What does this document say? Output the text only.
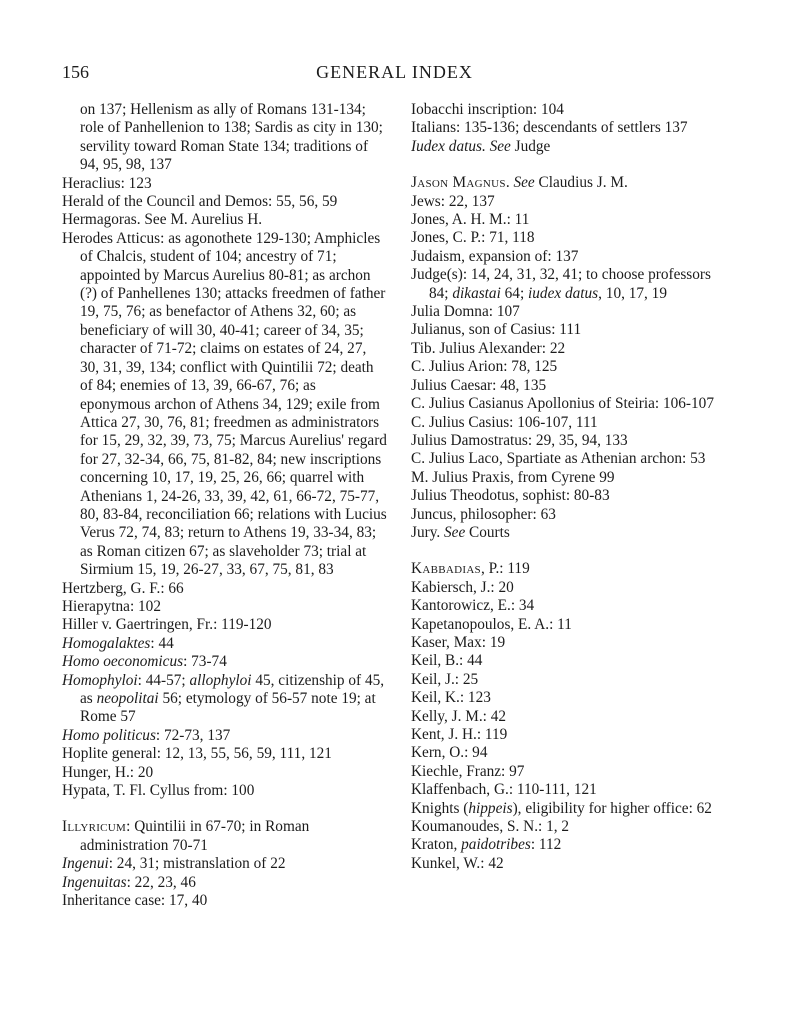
156	GENERAL INDEX

on 137; Hellenism as ally of Romans 131-134; role of Panhellenion to 138; Sardis as city in 130; servility toward Roman State 134; traditions of 94, 95, 98, 137

Heraclius: 123

Herald of the Council and Demos: 55, 56, 59

Hermagoras. See M. Aurelius H.

Herodes Atticus: as agonothete 129-130; Amphicles of Chalcis, student of 104; ancestry of 71; appointed by Marcus Aurelius 80-81; as archon (?) of Panhellenes 130; attacks freedmen of father 19, 75, 76; as benefactor of Athens 32, 60; as beneficiary of will 30, 40-41; career of 34, 35; character of 71-72; claims on estates of 24, 27, 30, 31, 39, 134; conflict with Quintilii 72; death of 84; enemies of 13, 39, 66-67, 76; as eponymous archon of Athens 34, 129; exile from Attica 27, 30, 76, 81; freedmen as administrators for 15, 29, 32, 39, 73, 75; Marcus Aurelius' regard for 27, 32-34, 66, 75, 81-82, 84; new inscriptions concerning 10, 17, 19, 25, 26, 66; quarrel with Athenians 1, 24-26, 33, 39, 42, 61, 66-72, 75-77, 80, 83-84, reconciliation 66; relations with Lucius Verus 72, 74, 83; return to Athens 19, 33-34, 83; as Roman citizen 67; as slaveholder 73; trial at Sirmium 15, 19, 26-27, 33, 67, 75, 81, 83

Hertzberg, G. F.: 66

Hierapytna: 102

Hiller v. Gaertringen, Fr.: 119-120

Homogalaktes: 44

Homo oeconomicus: 73-74

Homophyloi: 44-57; allophyloi 45, citizenship of 45, as neopolitai 56; etymology of 56-57 note 19; at Rome 57

Homo politicus: 72-73, 137

Hoplite general: 12, 13, 55, 56, 59, 111, 121

Hunger, H.: 20

Hypata, T. Fl. Cyllus from: 100

Illyricum: Quintilii in 67-70; in Roman administration 70-71

Ingenui: 24, 31; mistranslation of 22

Ingenuitas: 22, 23, 46

Inheritance case: 17, 40

Iobacchi inscription: 104

Italians: 135-136; descendants of settlers 137

Iudex datus. See Judge

Jason Magnus. See Claudius J. M.

Jews: 22, 137

Jones, A. H. M.: 11

Jones, C. P.: 71, 118

Judaism, expansion of: 137

Judge(s): 14, 24, 31, 32, 41; to choose professors 84; dikastai 64; iudex datus, 10, 17, 19

Julia Domna: 107

Julianus, son of Casius: 111

Tib. Julius Alexander: 22

C. Julius Arion: 78, 125

Julius Caesar: 48, 135

C. Julius Casianus Apollonius of Steiria: 106-107

C. Julius Casius: 106-107, 111

Julius Damostratus: 29, 35, 94, 133

C. Julius Laco, Spartiate as Athenian archon: 53

M. Julius Praxis, from Cyrene 99

Julius Theodotus, sophist: 80-83

Juncus, philosopher: 63

Jury. See Courts

Kabbadias, P.: 119

Kabiersch, J.: 20

Kantorowicz, E.: 34

Kapetanopoulos, E. A.: 11

Kaser, Max: 19

Keil, B.: 44

Keil, J.: 25

Keil, K.: 123

Kelly, J. M.: 42

Kent, J. H.: 119

Kern, O.: 94

Kiechle, Franz: 97

Klaffenbach, G.: 110-111, 121

Knights (hippeis), eligibility for higher office: 62

Koumanoudes, S. N.: 1, 2

Kraton, paidotribes: 112

Kunkel, W.: 42
